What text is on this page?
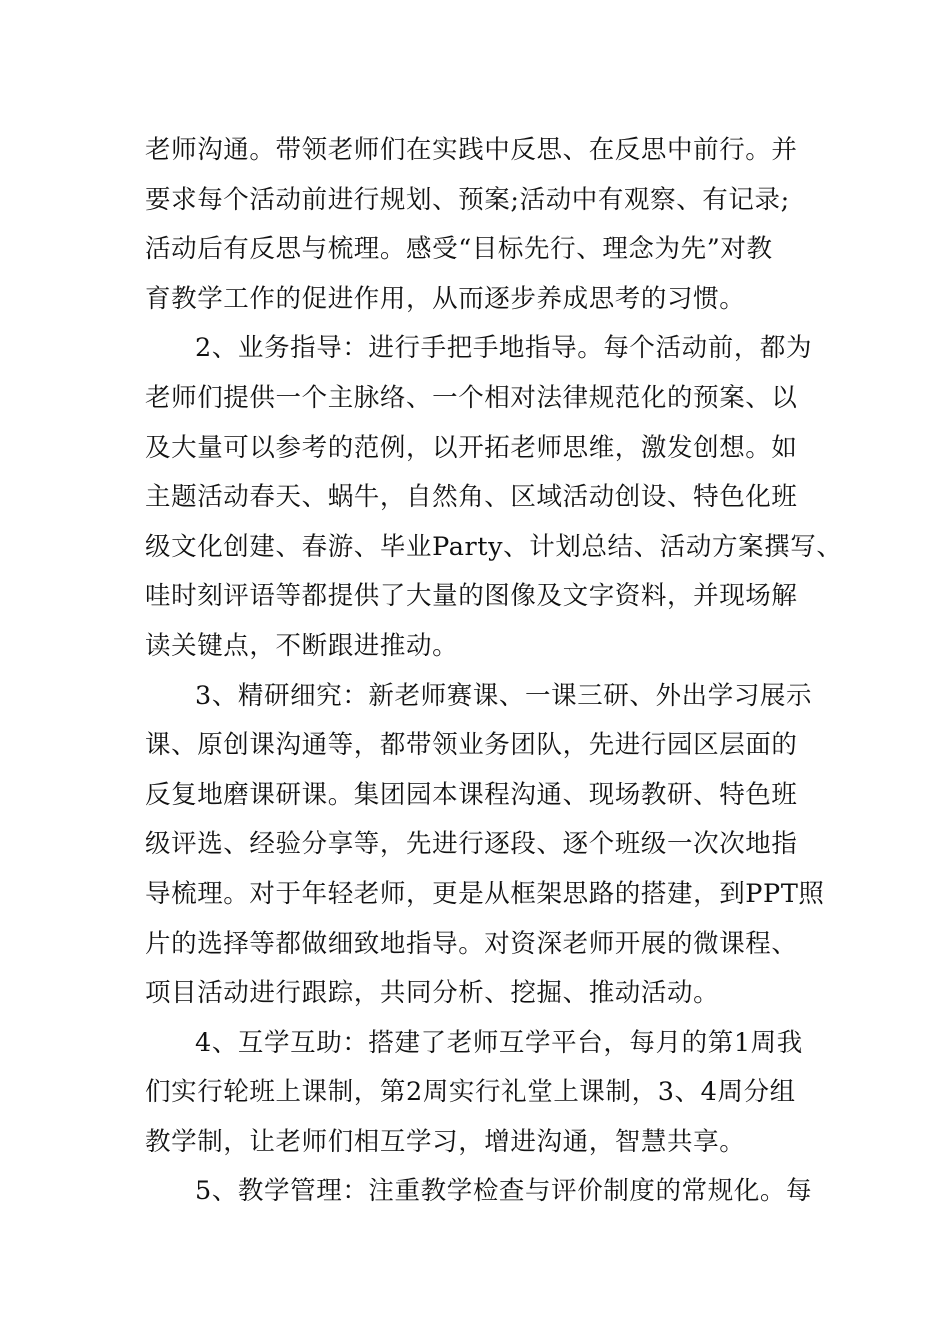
老师沟通。带领老师们在实践中反思、在反思中前行。并
要求每个活动前进行规划、预案;活动中有观察、有记录;
活动后有反思与梳理。感受“目标先行、理念为先”对教
育教学工作的促进作用，从而逐步养成思考的习惯。
2、业务指导：进行手把手地指导。每个活动前，都为
老师们提供一个主脉络、一个相对法律规范化的预案、以
及大量可以参考的范例，以开拓老师思维，激发创想。如
主题活动春天、蜗牛，自然角、区域活动创设、特色化班
级文化创建、春游、毕业Party、计划总结、活动方案撰写、
哇时刻评语等都提供了大量的图像及文字资料，并现场解
读关键点，不断跟进推动。
3、精研细究：新老师赛课、一课三研、外出学习展示
课、原创课沟通等，都带领业务团队，先进行园区层面的
反复地磨课研课。集团园本课程沟通、现场教研、特色班
级评选、经验分享等，先进行逐段、逐个班级一次次地指
导梳理。对于年轻老师，更是从框架思路的搭建，到PPT照
片的选择等都做细致地指导。对资深老师开展的微课程、
项目活动进行跟踪，共同分析、挖掘、推动活动。
4、互学互助：搭建了老师互学平台，每月的第1周我
们实行轮班上课制，第2周实行礼堂上课制，3、4周分组
教学制，让老师们相互学习，增进沟通，智慧共享。
5、教学管理：注重教学检查与评价制度的常规化。每
